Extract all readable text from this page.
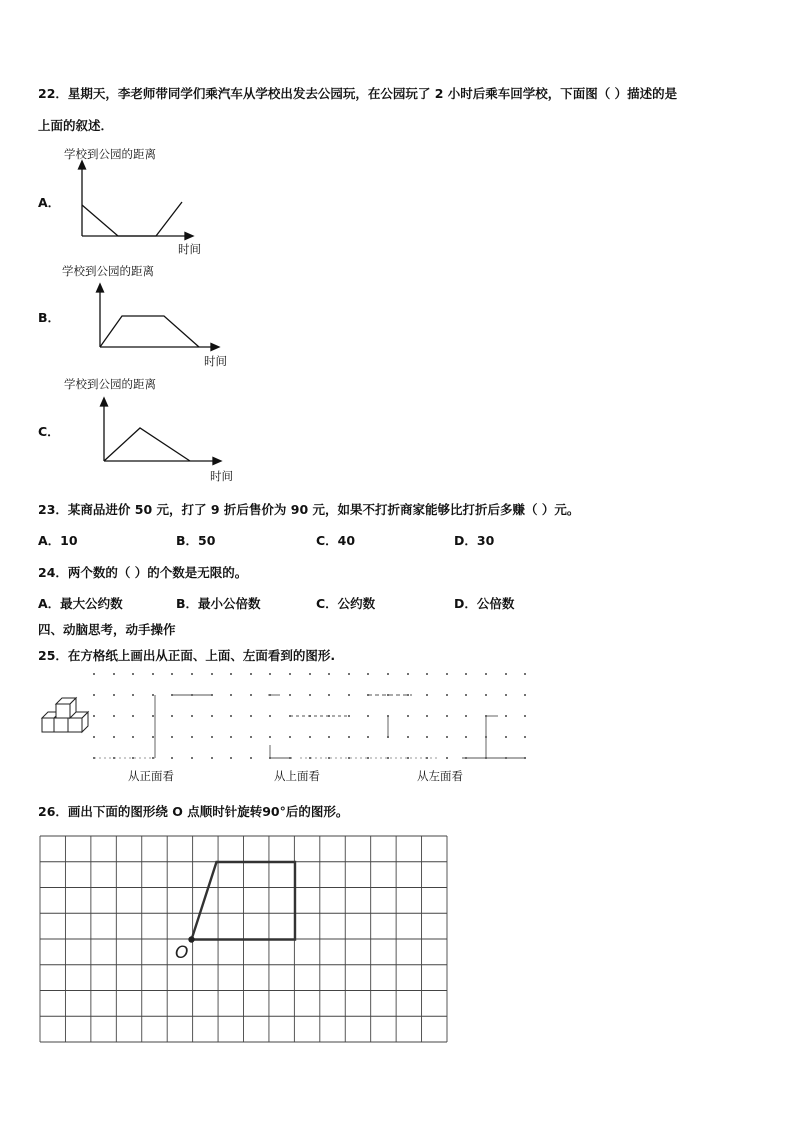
22．星期天，李老师带同学们乘汽车从学校出发去公园玩，在公园玩了 2 小时后乘车回学校，下面图（ ）描述的是
上面的叙述．
A．
学校到公园的距离
时间
B．
学校到公园的距离
时间
C．
学校到公园的距离
时间
23．某商品进价 50 元，打了 9 折后售价为 90 元，如果不打折商家能够比打折后多赚（ ）元。
A．10	B．50	C．40	D．30
24．两个数的（ ）的个数是无限的。
A．最大公约数	B．最小公倍数	C．公约数	D．公倍数
四、动脑思考，动手操作
25．在方格纸上画出从正面、上面、左面看到的图形.
从正面看	从上面看	从左面看
26．画出下面的图形绕 O 点顺时针旋转90°后的图形。
O
